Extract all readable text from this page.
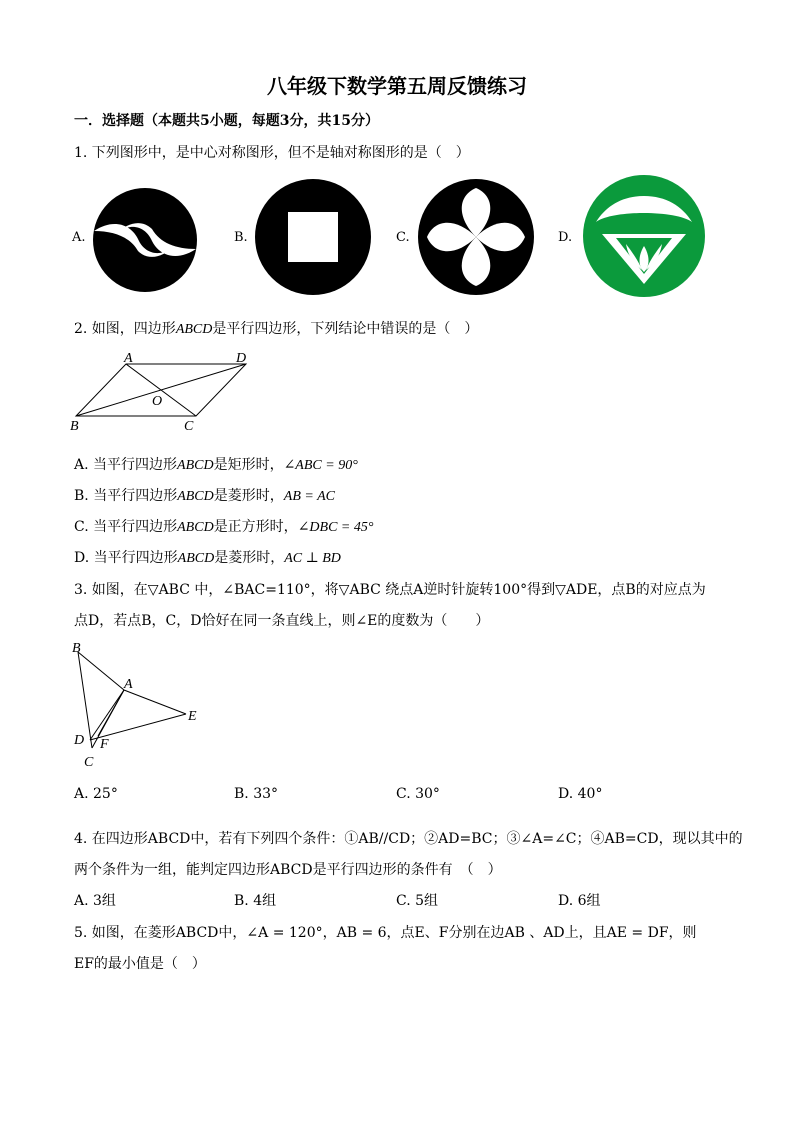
八年级下数学第五周反馈练习
一．选择题（本题共5小题，每题3分，共15分）
1. 下列图形中，是中心对称图形，但不是轴对称图形的是（　）
A.	B.	C.	D.
2. 如图，四边形ABCD是平行四边形，下列结论中错误的是（　）
A	D
O
B	C
A. 当平行四边形ABCD是矩形时，∠ABC = 90°
B. 当平行四边形ABCD是菱形时，AB = AC
C. 当平行四边形ABCD是正方形时，∠DBC = 45°
D. 当平行四边形ABCD是菱形时，AC ⊥ BD
3. 如图，在▽ABC 中，∠BAC=110°，将▽ABC 绕点A逆时针旋转100°得到▽ADE，点B的对应点为
点D，若点B，C，D恰好在同一条直线上，则∠E的度数为（　　）
B
A
E
D F
C
A. 25°	B. 33°	C. 30°	D. 40°
4. 在四边形ABCD中，若有下列四个条件：①AB//CD；②AD=BC；③∠A=∠C；④AB=CD，现以其中的
两个条件为一组，能判定四边形ABCD是平行四边形的条件有　（　）
A. 3组	B. 4组	C. 5组	D. 6组
5. 如图，在菱形ABCD中，∠A = 120°，AB = 6，点E、F分别在边AB 、AD上，且AE = DF，则
EF的最小值是（　）
